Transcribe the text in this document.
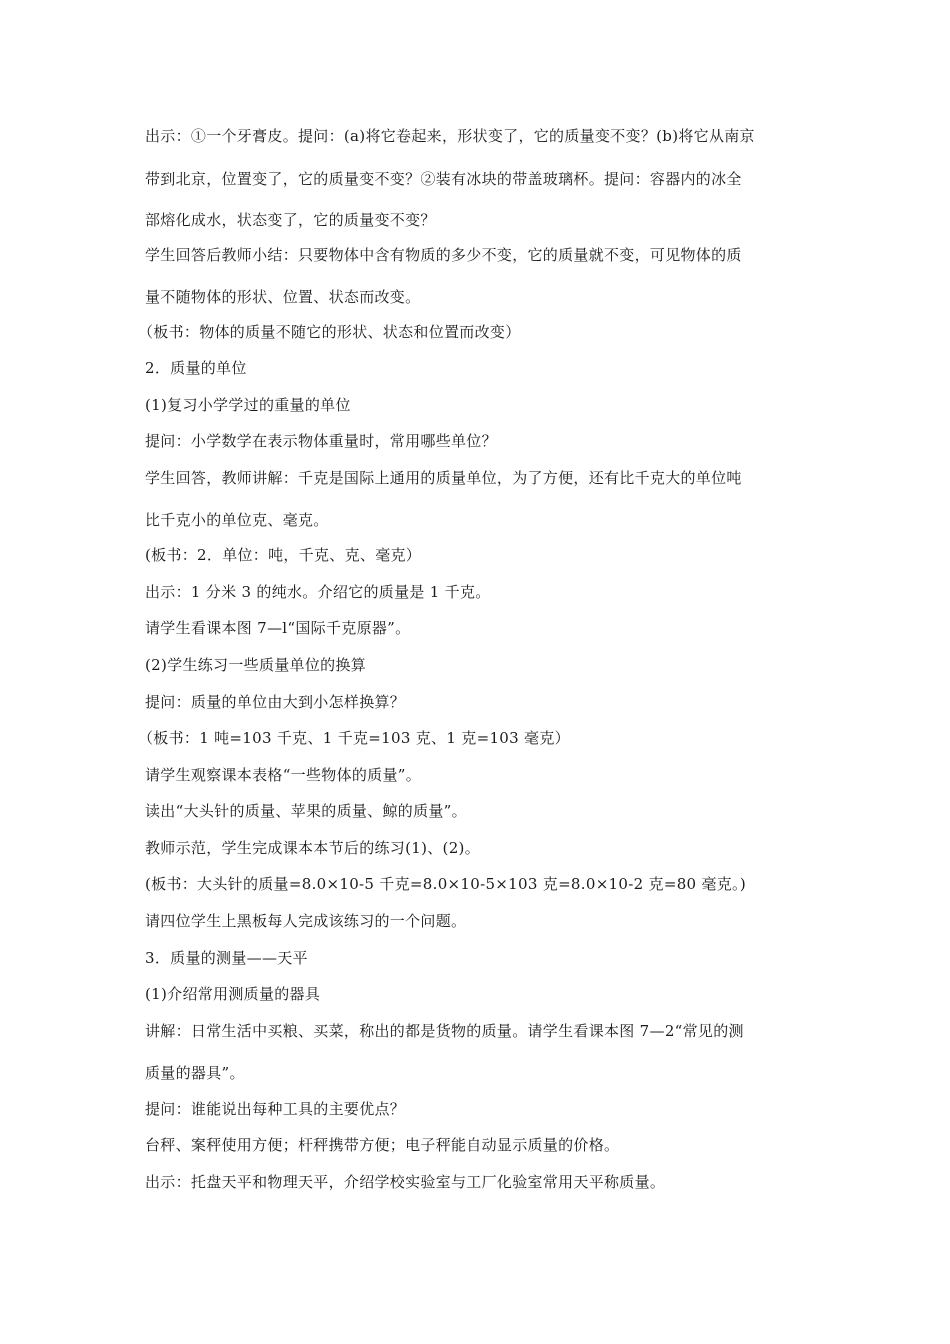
出示：①一个牙膏皮。提问：(a)将它卷起来，形状变了，它的质量变不变？(b)将它从南京
带到北京，位置变了，它的质量变不变？②装有冰块的带盖玻璃杯。提问：容器内的冰全
部熔化成水，状态变了，它的质量变不变？
学生回答后教师小结：只要物体中含有物质的多少不变，它的质量就不变，可见物体的质
量不随物体的形状、位置、状态而改变。
（板书：物体的质量不随它的形状、状态和位置而改变）
2．质量的单位
(1)复习小学学过的重量的单位
提问：小学数学在表示物体重量时，常用哪些单位？
学生回答，教师讲解：千克是国际上通用的质量单位，为了方便，还有比千克大的单位吨
比千克小的单位克、毫克。
(板书：2．单位：吨，千克、克、毫克）
出示：1 分米 3 的纯水。介绍它的质量是 1 千克。
请学生看课本图 7—l“国际千克原器”。
(2)学生练习一些质量单位的换算
提问：质量的单位由大到小怎样换算？
（板书：1 吨=103 千克、1 千克=103 克、1 克=103 毫克）
请学生观察课本表格“一些物体的质量”。
读出“大头针的质量、苹果的质量、鲸的质量”。
教师示范，学生完成课本本节后的练习(1)、(2)。
(板书：大头针的质量=8.0×10-5 千克=8.0×10-5×103 克=8.0×10-2 克=80 毫克。)
请四位学生上黑板每人完成该练习的一个问题。
3．质量的测量——天平
(1)介绍常用测质量的器具
讲解：日常生活中买粮、买菜，称出的都是货物的质量。请学生看课本图 7—2“常见的测
质量的器具”。
提问：谁能说出每种工具的主要优点？
台秤、案秤使用方便；杆秤携带方便；电子秤能自动显示质量的价格。
出示：托盘天平和物理天平，介绍学校实验室与工厂化验室常用天平称质量。
